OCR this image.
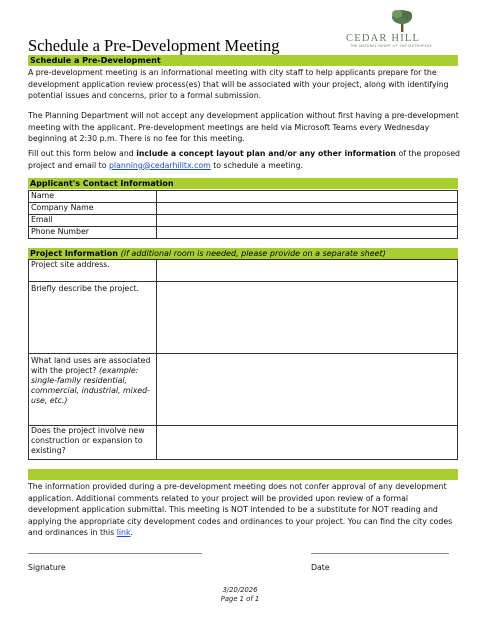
Schedule a Pre-Development Meeting	CEDAR HILL
THE NATURAL HEART OF THE METROPLEX
Schedule a Pre-Development
A pre-development meeting is an informational meeting with city staff to help applicants prepare for the development application review process(es) that will be associated with your project, along with identifying potential issues and concerns, prior to a formal submission.
The Planning Department will not accept any development application without first having a pre-development meeting with the applicant. Pre-development meetings are held via Microsoft Teams every Wednesday beginning at 2:30 p.m. There is no fee for this meeting.
Fill out this form below and include a concept layout plan and/or any other information of the proposed project and email to planning@cedarhilltx.com to schedule a meeting.
Applicant's Contact Information
Name	
Company Name	
Email	
Phone Number	
Project Information (if additional room is needed, please provide on a separate sheet)
Project site address.	
Briefly describe the project.	
What land uses are associated with the project? (example: single-family residential, commercial, industrial, mixed-use, etc.)	
Does the project involve new construction or expansion to existing?	
The information provided during a pre-development meeting does not confer approval of any development application. Additional comments related to your project will be provided upon review of a formal development application submittal. This meeting is NOT intended to be a substitute for NOT reading and applying the appropriate city development codes and ordinances to your project. You can find the city codes and ordinances in this link.
Signature	Date
3/20/2026
Page 1 of 1
